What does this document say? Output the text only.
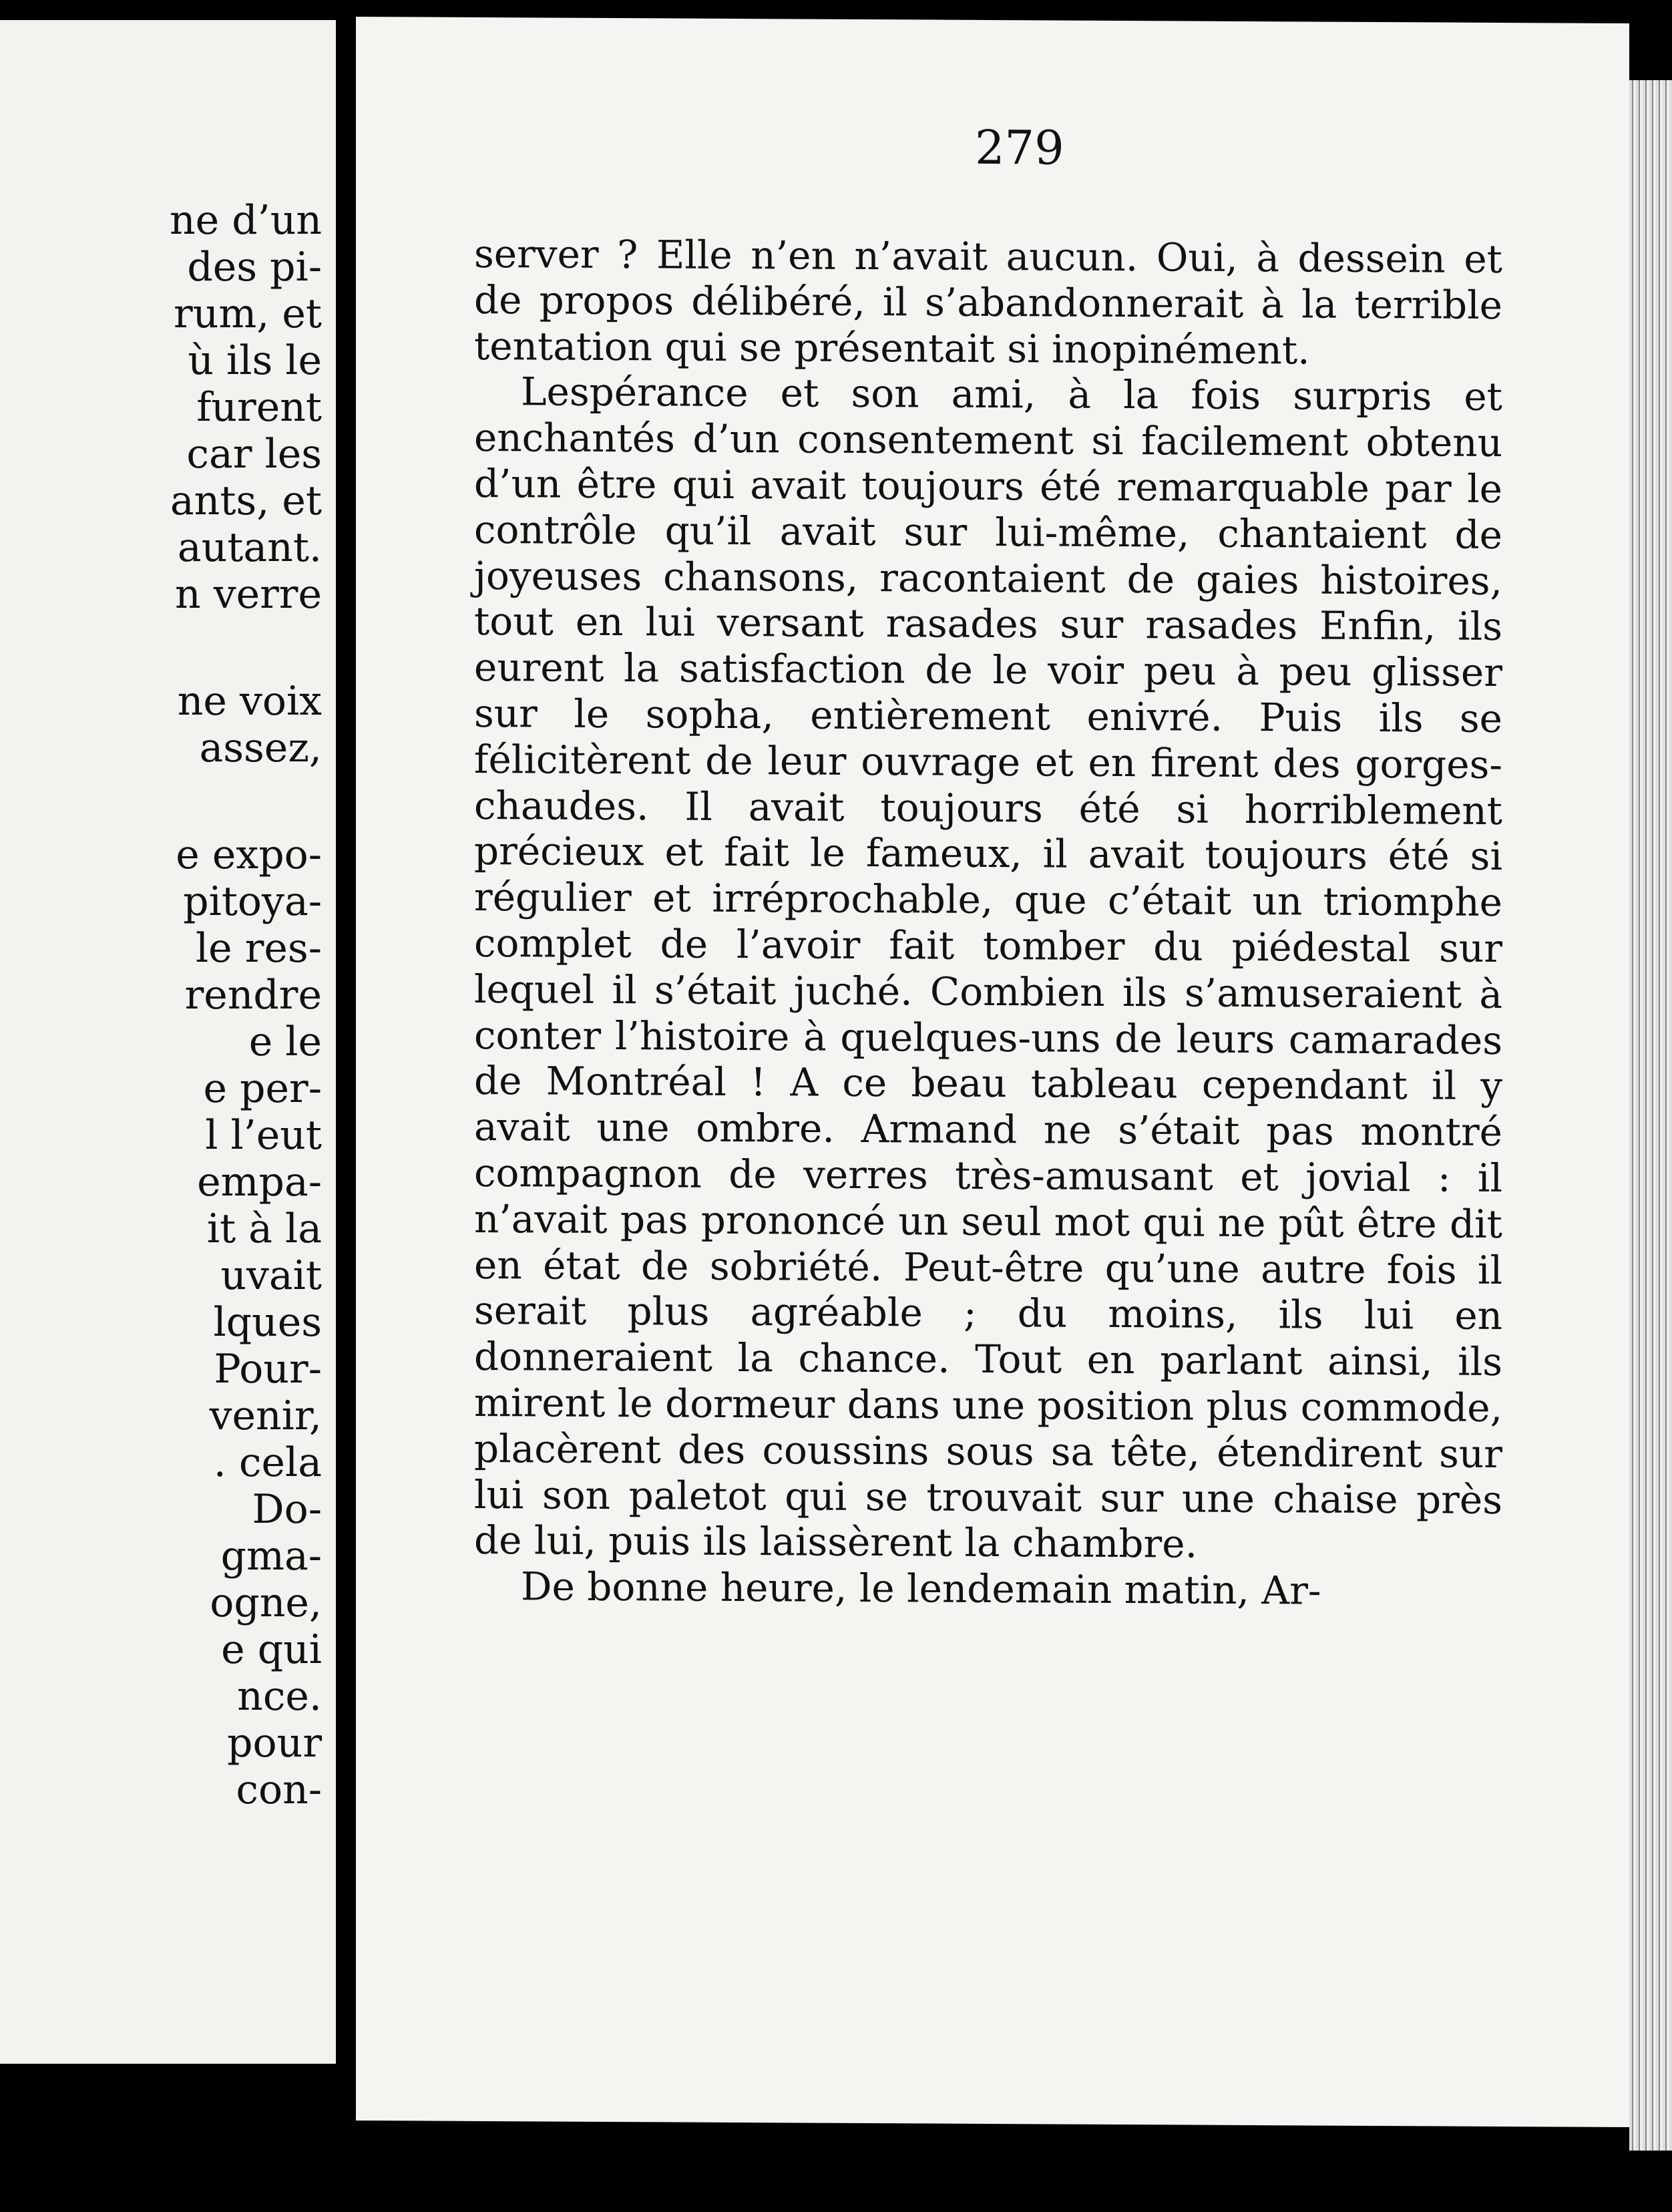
ne d’un
des pi-
rum, et
ù ils le
furent
car les
ants, et
autant.
n verre
ne voix
assez,
e expo-
pitoya-
le res-
rendre
e le
e per-
l l’eut
empa-
it à la
uvait
lques
Pour-
venir,
. cela
Do-
gma-
ogne,
e qui
nce.
pour
con-
279

server ? Elle n’en n’avait aucun. Oui, à dessein et de propos délibéré, il s’abandonnerait à la terrible tentation qui se présentait si inopinément.

Lespérance et son ami, à la fois surpris et enchantés d’un consentement si facilement obtenu d’un être qui avait toujours été remarquable par le contrôle qu’il avait sur lui-même, chantaient de joyeuses chansons, racontaient de gaies histoires, tout en lui versant rasades sur rasades Enfin, ils eurent la satisfaction de le voir peu à peu glisser sur le sopha, entièrement enivré. Puis ils se félicitèrent de leur ouvrage et en firent des gorges-chaudes. Il avait toujours été si horriblement précieux et fait le fameux, il avait toujours été si régulier et irréprochable, que c’était un triomphe complet de l’avoir fait tomber du piédestal sur lequel il s’était juché. Combien ils s’amuseraient à conter l’histoire à quelques-uns de leurs camarades de Montréal ! A ce beau tableau cependant il y avait une ombre. Armand ne s’était pas montré compagnon de verres très-amusant et jovial : il n’avait pas prononcé un seul mot qui ne pût être dit en état de sobriété. Peut-être qu’une autre fois il serait plus agréable ; du moins, ils lui en donneraient la chance. Tout en parlant ainsi, ils mirent le dormeur dans une position plus commode, placèrent des coussins sous sa tête, étendirent sur lui son paletot qui se trouvait sur une chaise près de lui, puis ils laissèrent la chambre.

De bonne heure, le lendemain matin, Ar-
